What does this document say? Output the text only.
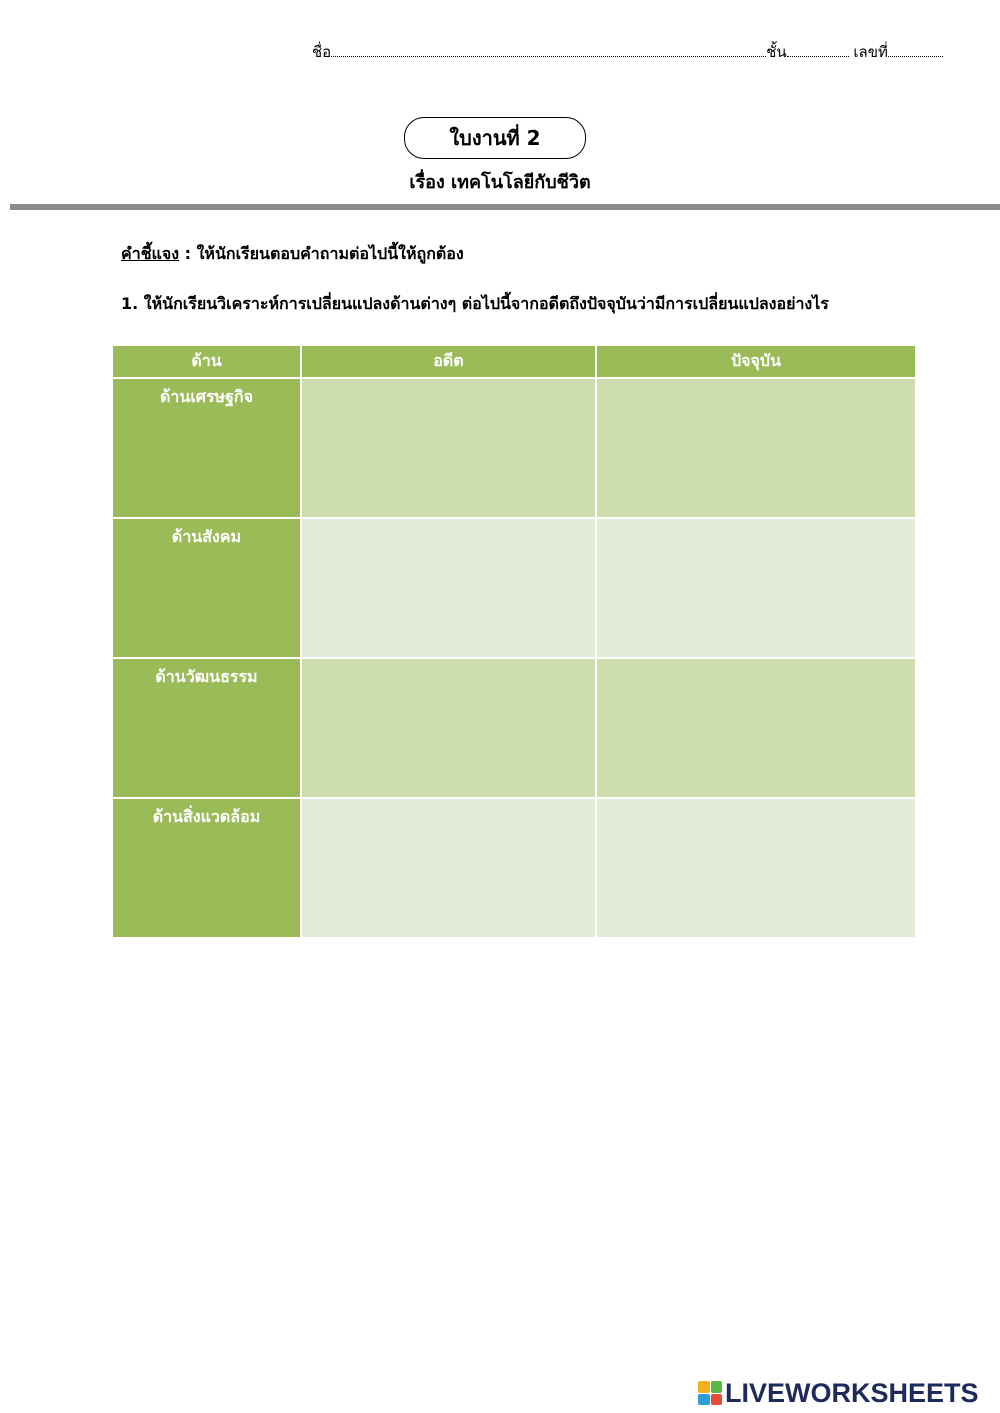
ชื่อ	ชั้น	เลขที่
ใบงานที่ 2
เรื่อง เทคโนโลยีกับชีวิต
คำชี้แจง : ให้นักเรียนตอบคำถามต่อไปนี้ให้ถูกต้อง
1. ให้นักเรียนวิเคราะห์การเปลี่ยนแปลงด้านต่างๆ ต่อไปนี้จากอดีตถึงปัจจุบันว่ามีการเปลี่ยนแปลงอย่างไร
ด้าน	อดีต	ปัจจุบัน
ด้านเศรษฐกิจ		
ด้านสังคม		
ด้านวัฒนธรรม		
ด้านสิ่งแวดล้อม		
LIVEWORKSHEETS
